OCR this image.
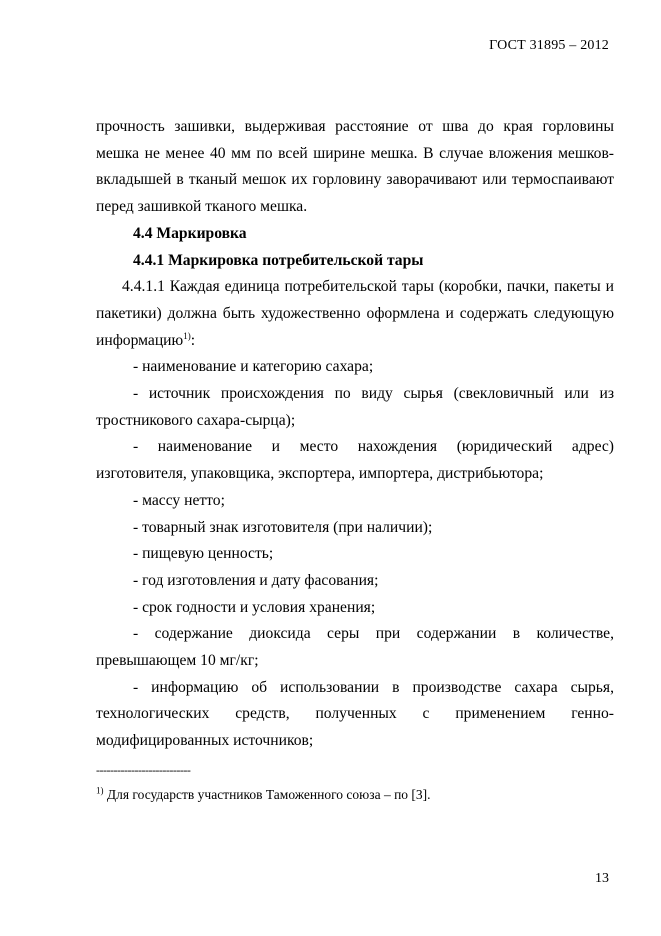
ГОСТ 31895 – 2012

прочность зашивки, выдерживая расстояние от шва до края горловины мешка не менее 40 мм по всей ширине мешка. В случае вложения мешков-вкладышей в тканый мешок их горловину заворачивают или термоспаивают перед зашивкой тканого мешка.

4.4 Маркировка

4.4.1 Маркировка потребительской тары

4.4.1.1 Каждая единица потребительской тары (коробки, пачки, пакеты и пакетики) должна быть художественно оформлена и содержать следующую информацию$^{1)}$:

- наименование и категорию сахара;

- источник происхождения по виду сырья (свекловичный или из тростникового сахара-сырца);

- наименование и место нахождения (юридический адрес) изготовителя, упаковщика, экспортера, импортера, дистрибьютора;

- массу нетто;

- товарный знак изготовителя (при наличии);

- пищевую ценность;

- год изготовления и дату фасования;

- срок годности и условия хранения;

- содержание диоксида серы при содержании в количестве, превышающем 10 мг/кг;

- информацию об использовании в производстве сахара сырья, технологических средств, полученных с применением генно-модифицированных источников;

---------------------------
$^{1)}$ Для государств участников Таможенного союза – по [3].
13
